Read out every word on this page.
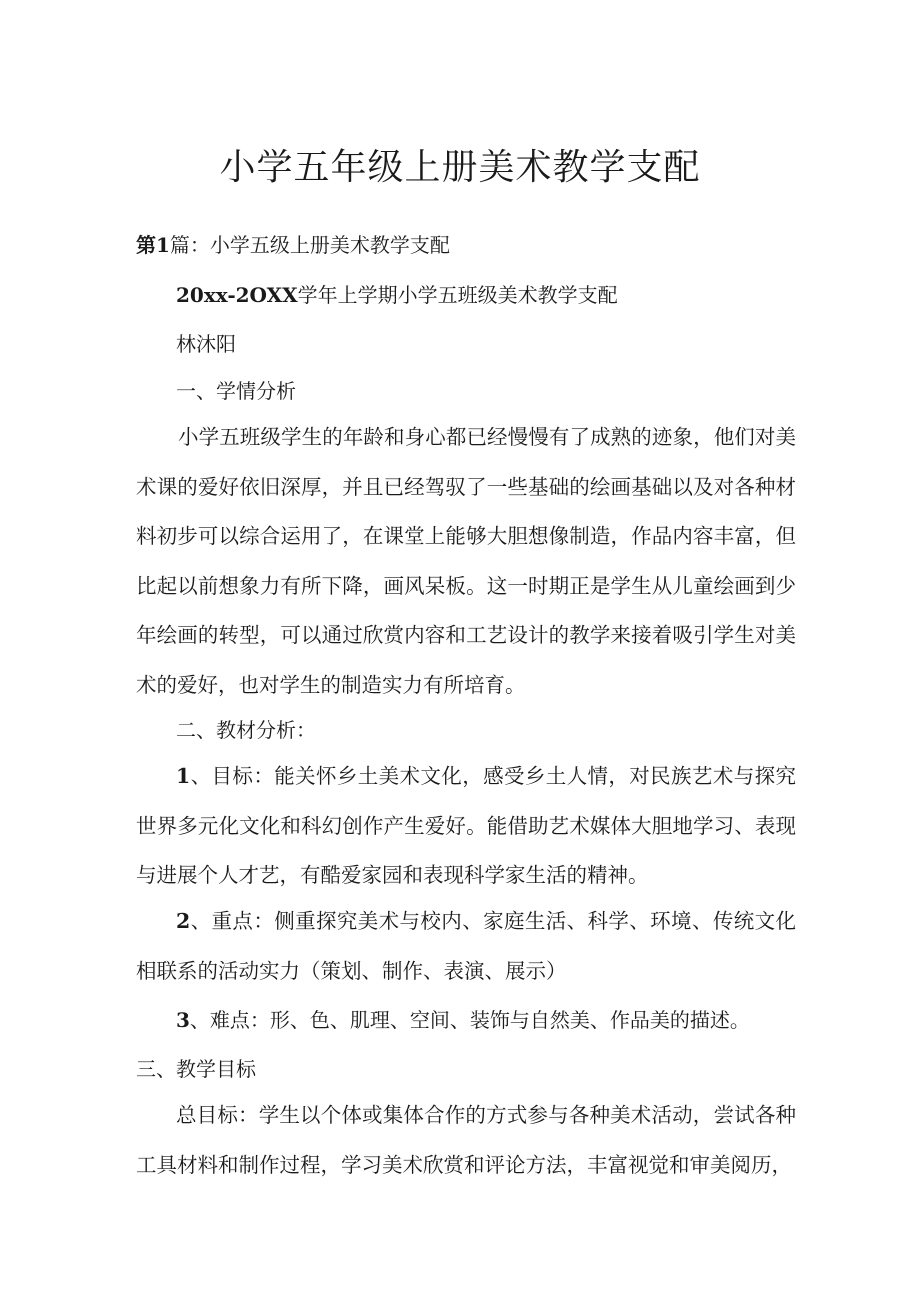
小学五年级上册美术教学支配
第1篇：小学五级上册美术教学支配
20xx-2OXX学年上学期小学五班级美术教学支配
林沐阳
一、学情分析
小学五班级学生的年龄和身心都已经慢慢有了成熟的迹象，他们对美术课的爱好依旧深厚，并且已经驾驭了一些基础的绘画基础以及对各种材料初步可以综合运用了，在课堂上能够大胆想像制造，作品内容丰富，但比起以前想象力有所下降，画风呆板。这一时期正是学生从儿童绘画到少年绘画的转型，可以通过欣赏内容和工艺设计的教学来接着吸引学生对美术的爱好，也对学生的制造实力有所培育。
二、教材分析：
1、目标：能关怀乡土美术文化，感受乡土人情，对民族艺术与探究世界多元化文化和科幻创作产生爱好。能借助艺术媒体大胆地学习、表现与进展个人才艺，有酷爱家园和表现科学家生活的精神。
2、重点：侧重探究美术与校内、家庭生活、科学、环境、传统文化相联系的活动实力（策划、制作、表演、展示）
3、难点：形、色、肌理、空间、装饰与自然美、作品美的描述。
三、教学目标
总目标：学生以个体或集体合作的方式参与各种美术活动，尝试各种工具材料和制作过程，学习美术欣赏和评论方法，丰富视觉和审美阅历，
